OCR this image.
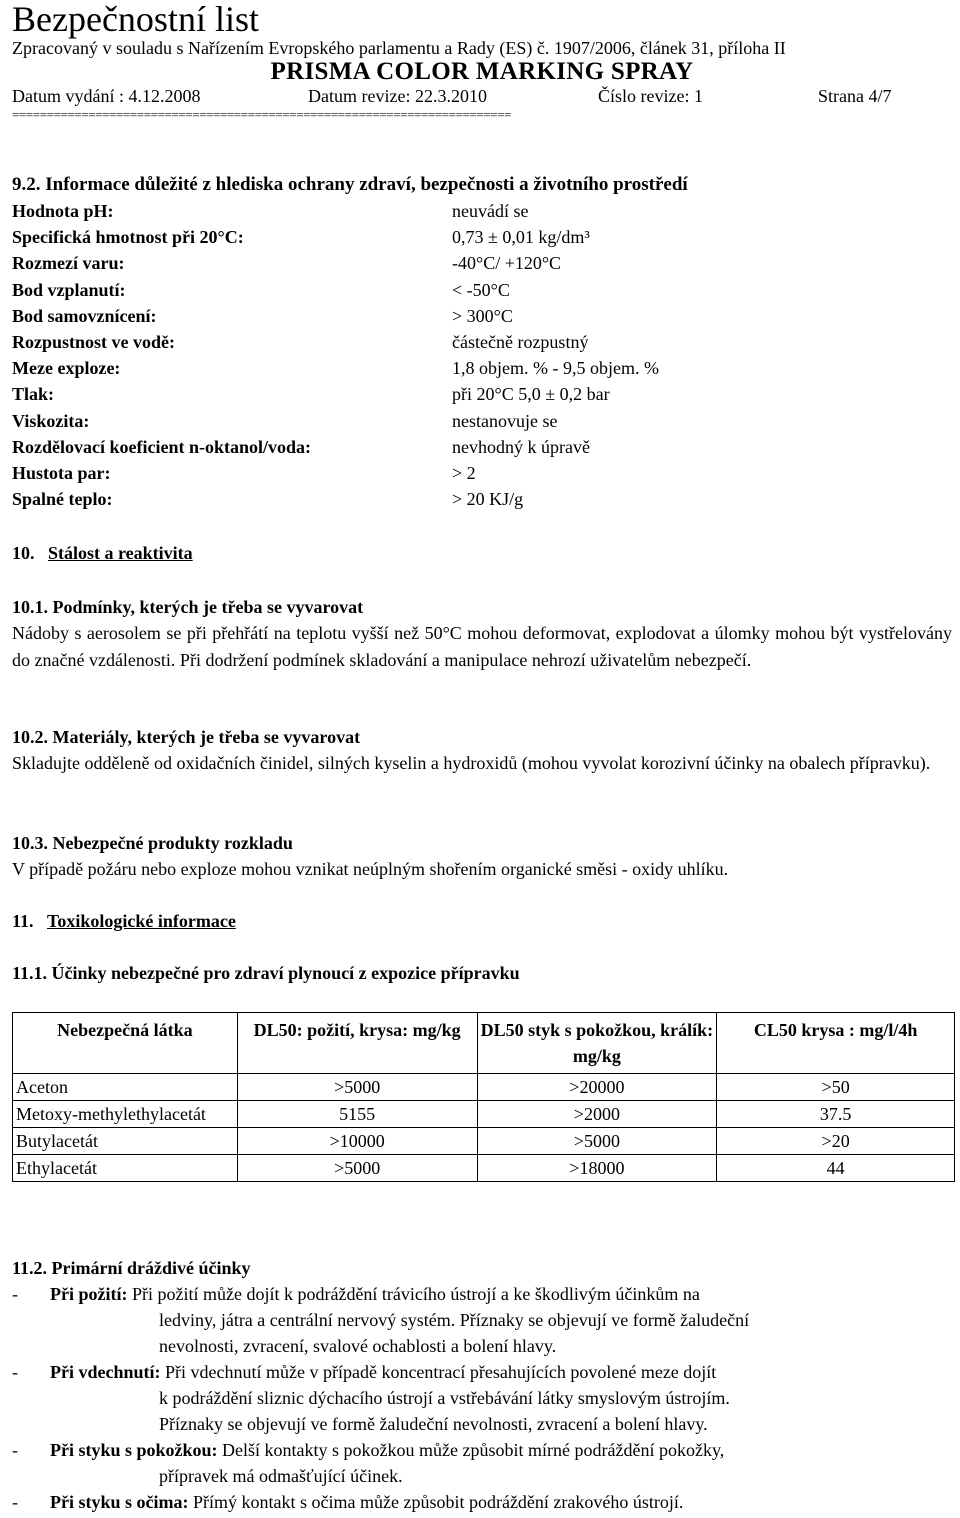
Bezpečnostní list
Zpracovaný v souladu s Nařízením Evropského parlamentu a Rady (ES) č. 1907/2006, článek 31, příloha II
PRISMA COLOR MARKING SPRAY
Datum vydání : 4.12.2008	Datum revize: 22.3.2010	Číslo revize: 1	Strana 4/7
========================================================================
9.2. Informace důležité z hlediska ochrany zdraví, bezpečnosti a životního prostředí
Hodnota pH:	neuvádí se
Specifická hmotnost při 20°C:	0,73 ± 0,01 kg/dm³
Rozmezí varu:	-40°C/ +120°C
Bod vzplanutí:	< -50°C
Bod samovznícení:	> 300°C
Rozpustnost ve vodě:	částečně rozpustný
Meze exploze:	1,8 objem. % - 9,5 objem. %
Tlak:	při 20°C 5,0 ± 0,2 bar
Viskozita:	nestanovuje se
Rozdělovací koeficient n-oktanol/voda:	nevhodný k úpravě
Hustota par:	> 2
Spalné teplo:	> 20 KJ/g
10. Stálost a reaktivita
10.1. Podmínky, kterých je třeba se vyvarovat
Nádoby s aerosolem se při přehřátí na teplotu vyšší než 50°C mohou deformovat, explodovat a úlomky mohou být vystřelovány do značné vzdálenosti. Při dodržení podmínek skladování a manipulace nehrozí uživatelům nebezpečí.
10.2. Materiály, kterých je třeba se vyvarovat
Skladujte odděleně od oxidačních činidel, silných kyselin a hydroxidů (mohou vyvolat korozivní účinky na obalech přípravku).
10.3. Nebezpečné produkty rozkladu
V případě požáru nebo exploze mohou vznikat neúplným shořením organické směsi - oxidy uhlíku.
11. Toxikologické informace
11.1. Účinky nebezpečné pro zdraví plynoucí z expozice přípravku
Nebezpečná látka	DL50: požití, krysa: mg/kg	DL50 styk s pokožkou, králík: mg/kg	CL50 krysa : mg/l/4h
Aceton	>5000	>20000	>50
Metoxy-methylethylacetát	5155	>2000	37.5
Butylacetát	>10000	>5000	>20
Ethylacetát	>5000	>18000	44
11.2. Primární dráždivé účinky
-	Při požití: Při požití může dojít k podráždění trávicího ústrojí a ke škodlivým účinkům na
ledviny, játra a centrální nervový systém. Příznaky se objevují ve formě žaludeční
nevolnosti, zvracení, svalové ochablosti a bolení hlavy.
-	Při vdechnutí: Při vdechnutí může v případě koncentrací přesahujících povolené meze dojít
k podráždění sliznic dýchacího ústrojí a vstřebávání látky smyslovým ústrojím.
Příznaky se objevují ve formě žaludeční nevolnosti, zvracení a bolení hlavy.
-	Při styku s pokožkou: Delší kontakty s pokožkou může způsobit mírné podráždění pokožky,
přípravek má odmašťující účinek.
-	Při styku s očima: Přímý kontakt s očima může způsobit podráždění zrakového ústrojí.
